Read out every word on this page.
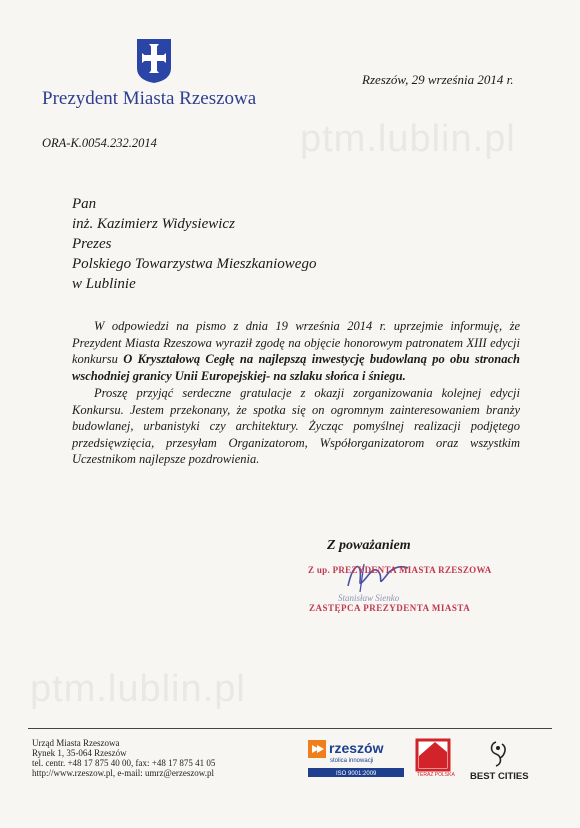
ptm.lublin.pl
ptm.lublin.pl
Prezydent Miasta Rzeszowa
Rzeszów, 29 września 2014 r.
ORA-K.0054.232.2014
Pan
inż. Kazimierz Widysiewicz
Prezes
Polskiego Towarzystwa Mieszkaniowego
w Lublinie
W odpowiedzi na pismo z dnia 19 września 2014 r. uprzejmie informuję, że Prezydent Miasta Rzeszowa wyraził zgodę na objęcie honorowym patronatem XIII edycji konkursu O Kryształową Cegłę na najlepszą inwestycję budowlaną po obu stronach wschodniej granicy Unii Europejskiej- na szlaku słońca i śniegu.
Proszę przyjąć serdeczne gratulacje z okazji zorganizowania kolejnej edycji Konkursu. Jestem przekonany, że spotka się on ogromnym zainteresowaniem branży budowlanej, urbanistyki czy architektury. Życząc pomyślnej realizacji podjętego przedsięwzięcia, przesyłam Organizatorom, Współorganizatorom oraz wszystkim Uczestnikom najlepsze pozdrowienia.
Z poważaniem
Z up. PREZYDENTA MIASTA RZESZOWA
Stanisław Sienko
ZASTĘPCA PREZYDENTA MIASTA
Urząd Miasta Rzeszowa
Rynek 1, 35-064 Rzeszów
tel. centr. +48 17 875 40 00, fax: +48 17 875 41 05
http://www.rzeszow.pl, e-mail: umrz@erzeszow.pl
rzeszów
stolica innowacji
ISO 9001:2009	TERAZ POLSKA BEST CITIES
